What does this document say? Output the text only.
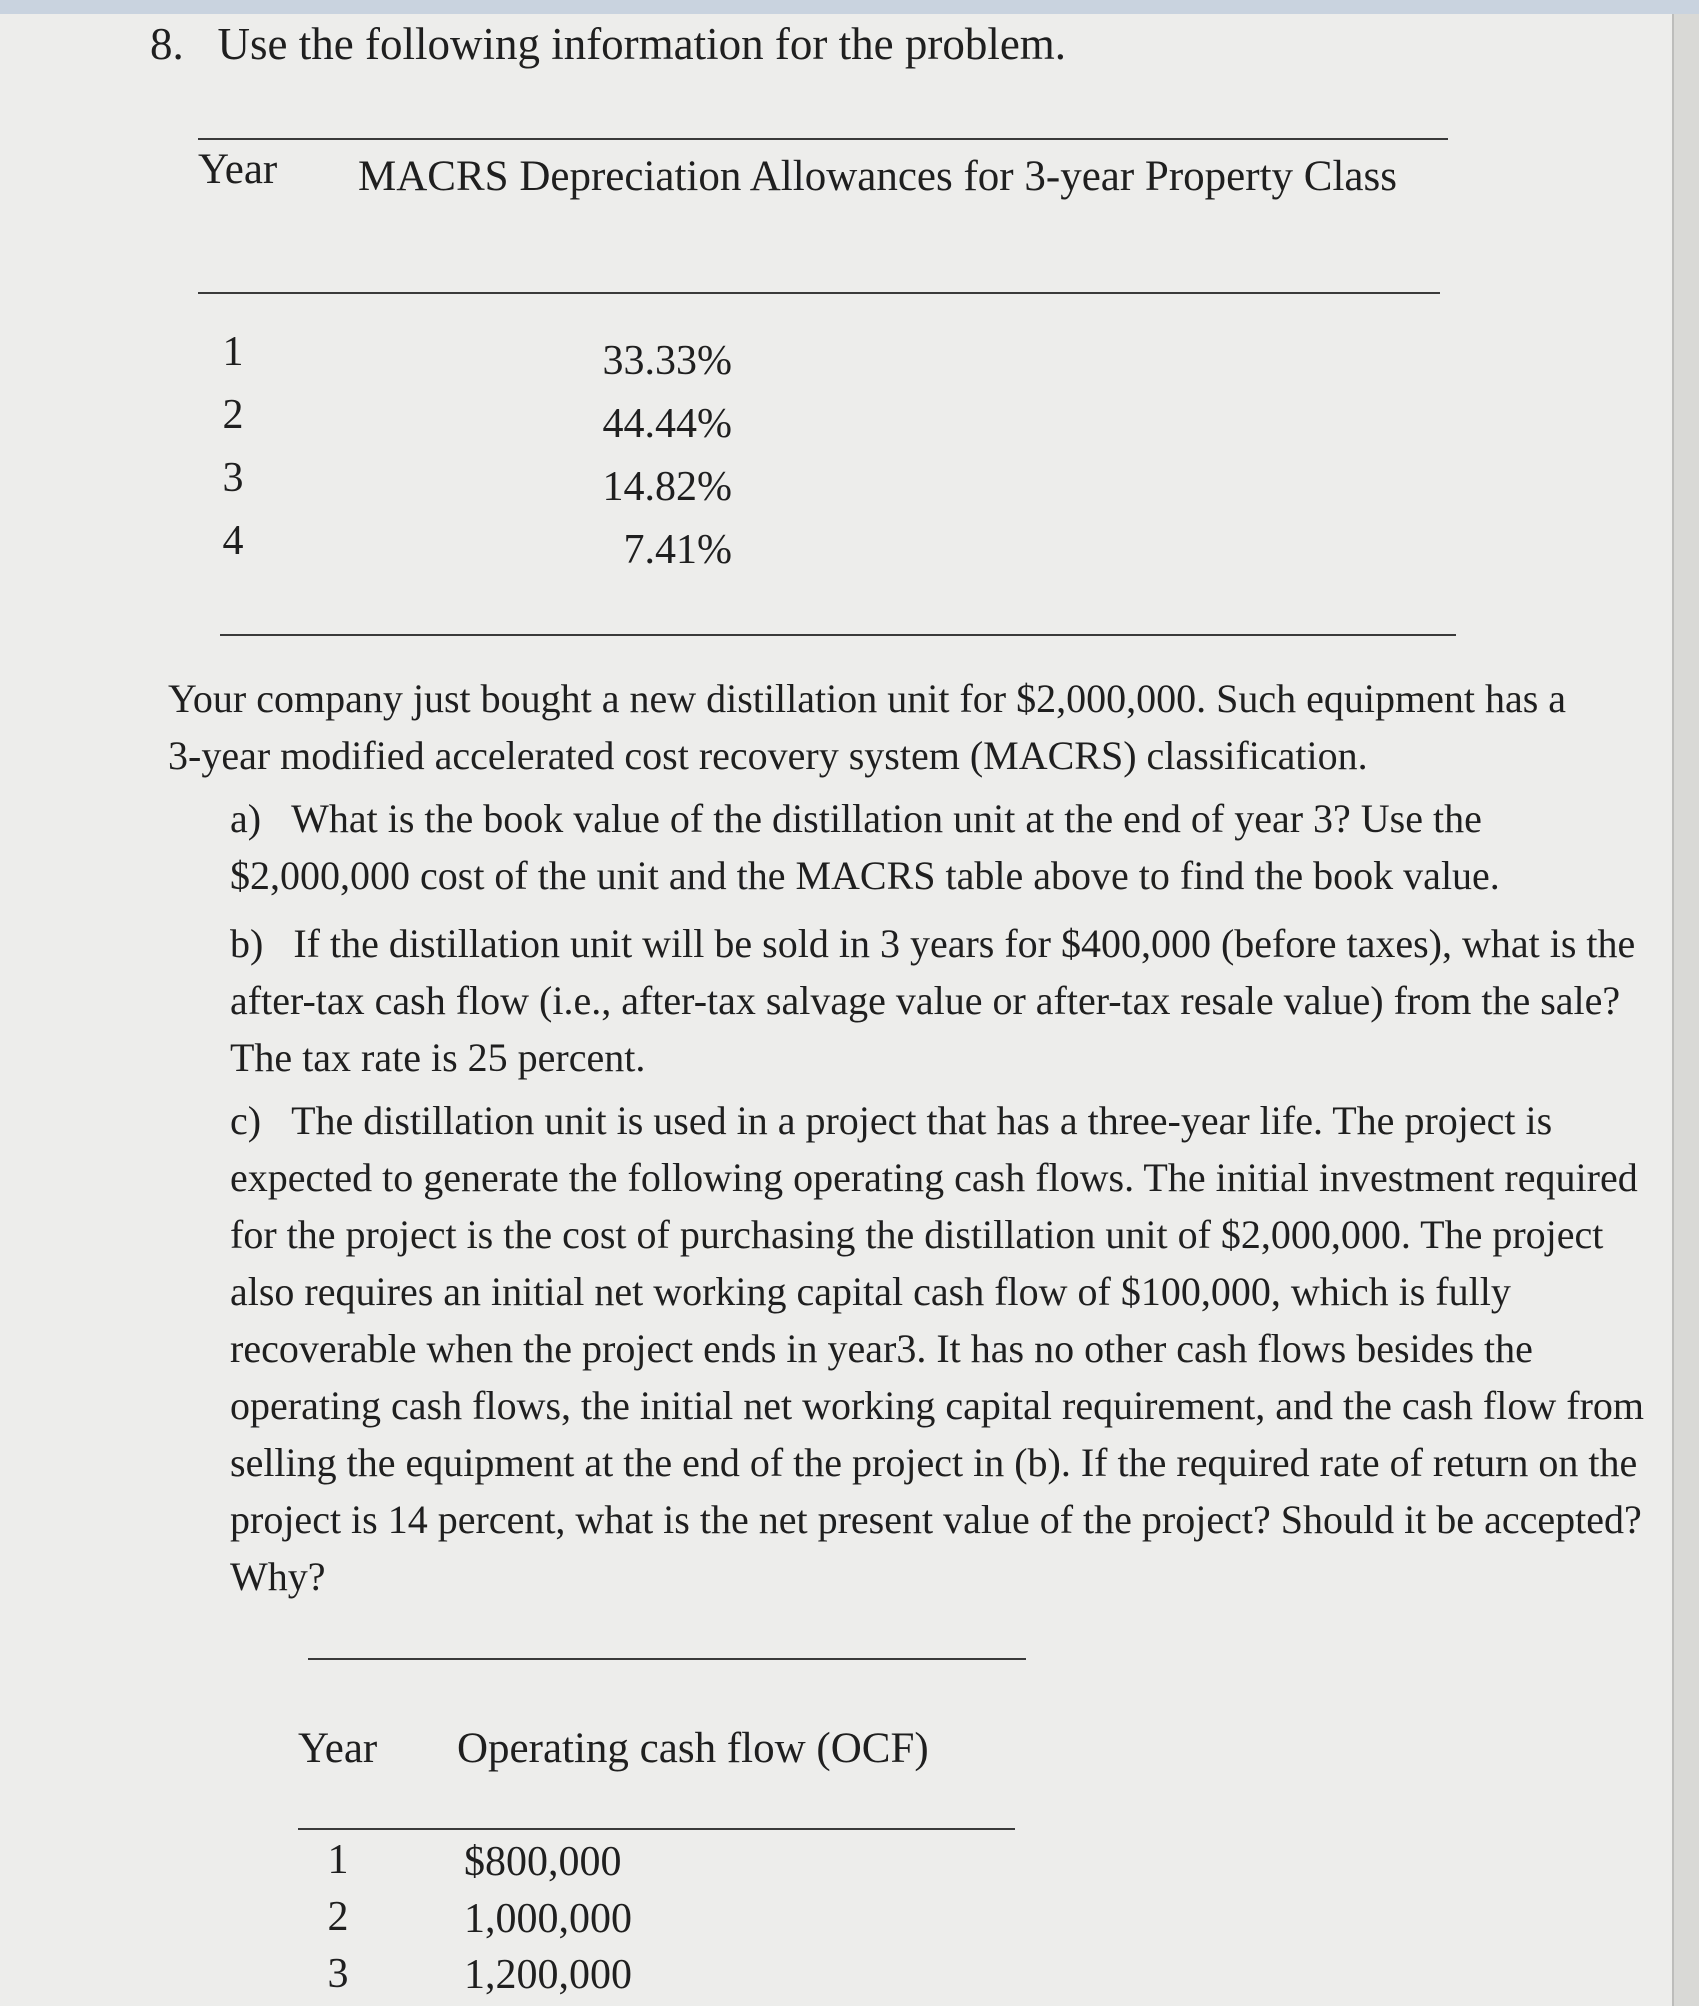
8. Use the following information for the problem.
Year MACRS Depreciation Allowances for 3-year Property Class
1	33.33%
2	44.44%
3	14.82%
4	7.41%
Your company just bought a new distillation unit for $2,000,000. Such equipment has a 3-year modified accelerated cost recovery system (MACRS) classification.
a) What is the book value of the distillation unit at the end of year 3? Use the $2,000,000 cost of the unit and the MACRS table above to find the book value.
b) If the distillation unit will be sold in 3 years for $400,000 (before taxes), what is the after-tax cash flow (i.e., after-tax salvage value or after-tax resale value) from the sale? The tax rate is 25 percent.
c) The distillation unit is used in a project that has a three-year life. The project is expected to generate the following operating cash flows. The initial investment required for the project is the cost of purchasing the distillation unit of $2,000,000. The project also requires an initial net working capital cash flow of $100,000, which is fully recoverable when the project ends in year3. It has no other cash flows besides the operating cash flows, the initial net working capital requirement, and the cash flow from selling the equipment at the end of the project in (b). If the required rate of return on the project is 14 percent, what is the net present value of the project? Should it be accepted? Why?
Year Operating cash flow (OCF)
1	$800,000
2	1,000,000
3	1,200,000
